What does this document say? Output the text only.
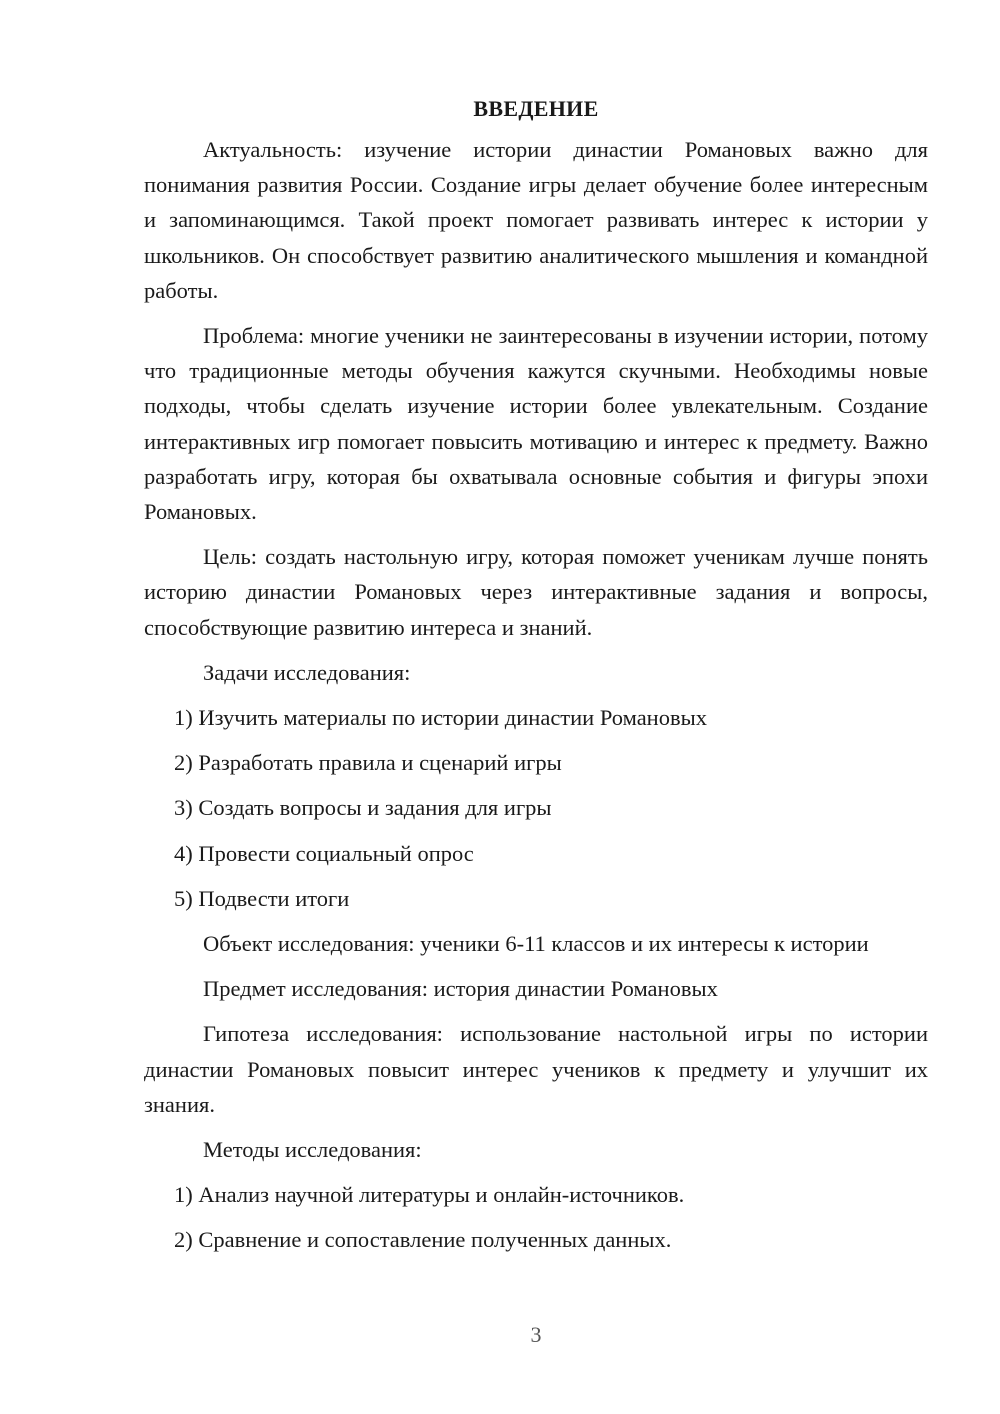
ВВЕДЕНИЕ

Актуальность: изучение истории династии Романовых важно для понимания развития России. Создание игры делает обучение более интересным и запоминающимся. Такой проект помогает развивать интерес к истории у школьников. Он способствует развитию аналитического мышления и командной работы.

Проблема: многие ученики не заинтересованы в изучении истории, потому что традиционные методы обучения кажутся скучными. Необходимы новые подходы, чтобы сделать изучение истории более увлекательным. Создание интерактивных игр помогает повысить мотивацию и интерес к предмету. Важно разработать игру, которая бы охватывала основные события и фигуры эпохи Романовых.

Цель: создать настольную игру, которая поможет ученикам лучше понять историю династии Романовых через интерактивные задания и вопросы, способствующие развитию интереса и знаний.

Задачи исследования:

1) Изучить материалы по истории династии Романовых

2) Разработать правила и сценарий игры

3) Создать вопросы и задания для игры

4) Провести социальный опрос

5) Подвести итоги

Объект исследования: ученики 6-11 классов и их интересы к истории

Предмет исследования: история династии Романовых

Гипотеза исследования: использование настольной игры по истории династии Романовых повысит интерес учеников к предмету и улучшит их знания.

Методы исследования:

1) Анализ научной литературы и онлайн-источников.

2) Сравнение и сопоставление полученных данных.

3
